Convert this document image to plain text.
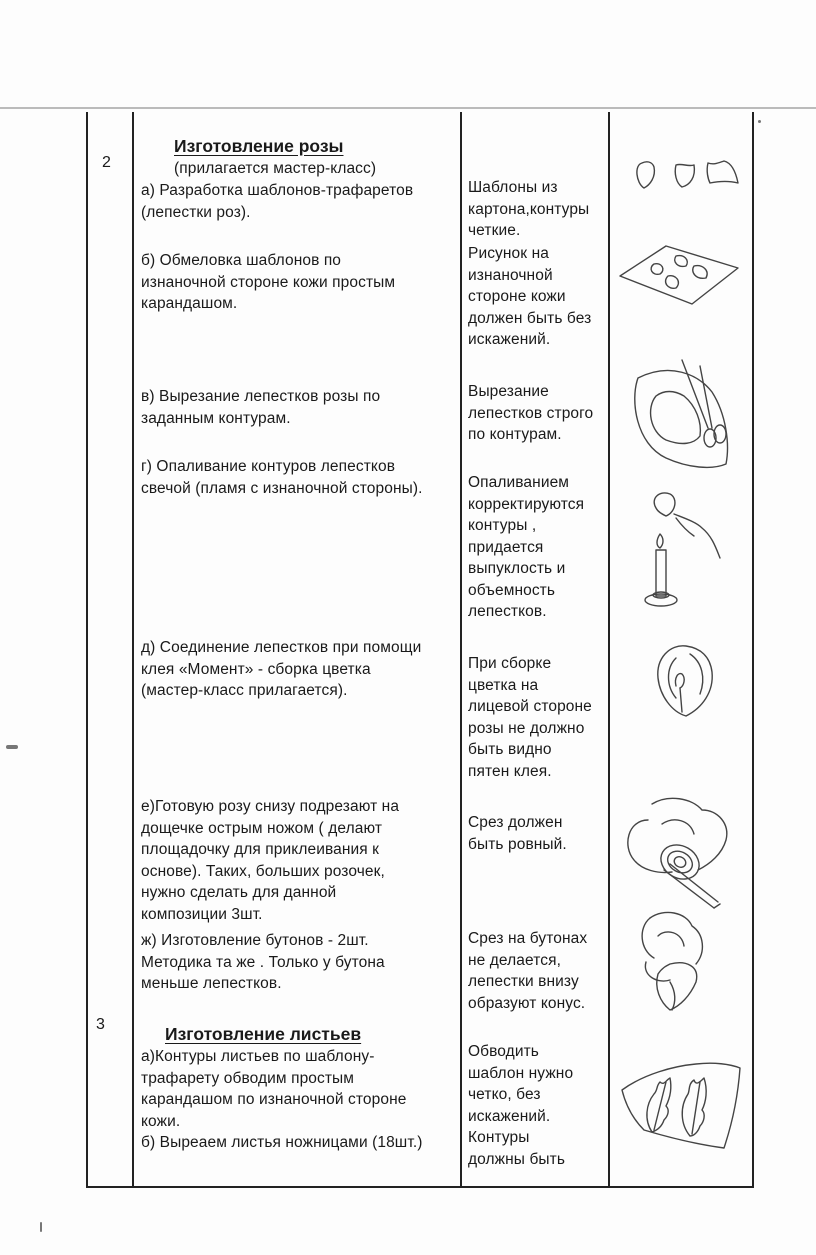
2
3
Изготовление розы
(прилагается мастер-класс)
а) Разработка шаблонов-трафаретов
(лепестки роз).
Шаблоны из
картона,контуры
четкие.
б) Обмеловка шаблонов по
изнаночной стороне кожи простым
карандашом.
Рисунок на
изнаночной
стороне кожи
должен быть без
искажений.
в) Вырезание лепестков розы по
заданным контурам.
Вырезание
лепестков строго
по контурам.
г) Опаливание контуров лепестков
свечой (пламя с изнаночной стороны).	Опаливанием
корректируются
контуры ,
придается
выпуклость и
объемность
лепестков.
д) Соединение лепестков при помощи
клея «Момент» - сборка цветка
(мастер-класс прилагается).
При сборке
цветка на
лицевой стороне
розы не должно
быть видно
пятен клея.
е)Готовую розу снизу подрезают на
дощечке острым ножом ( делают
площадочку для приклеивания к
основе). Таких, больших розочек,
нужно сделать для данной
композиции 3шт.
Срез должен
быть ровный.
ж) Изготовление бутонов - 2шт.
Методика та же . Только у бутона
меньше лепестков.
Срез на бутонах
не делается,
лепестки внизу
образуют конус.
Изготовление листьев
а)Контуры листьев по шаблону-
трафарету обводим простым
карандашом по изнаночной стороне
кожи.
б) Выреаем листья ножницами (18шт.)
Обводить
шаблон нужно
четко, без
искажений.
Контуры
должны быть
